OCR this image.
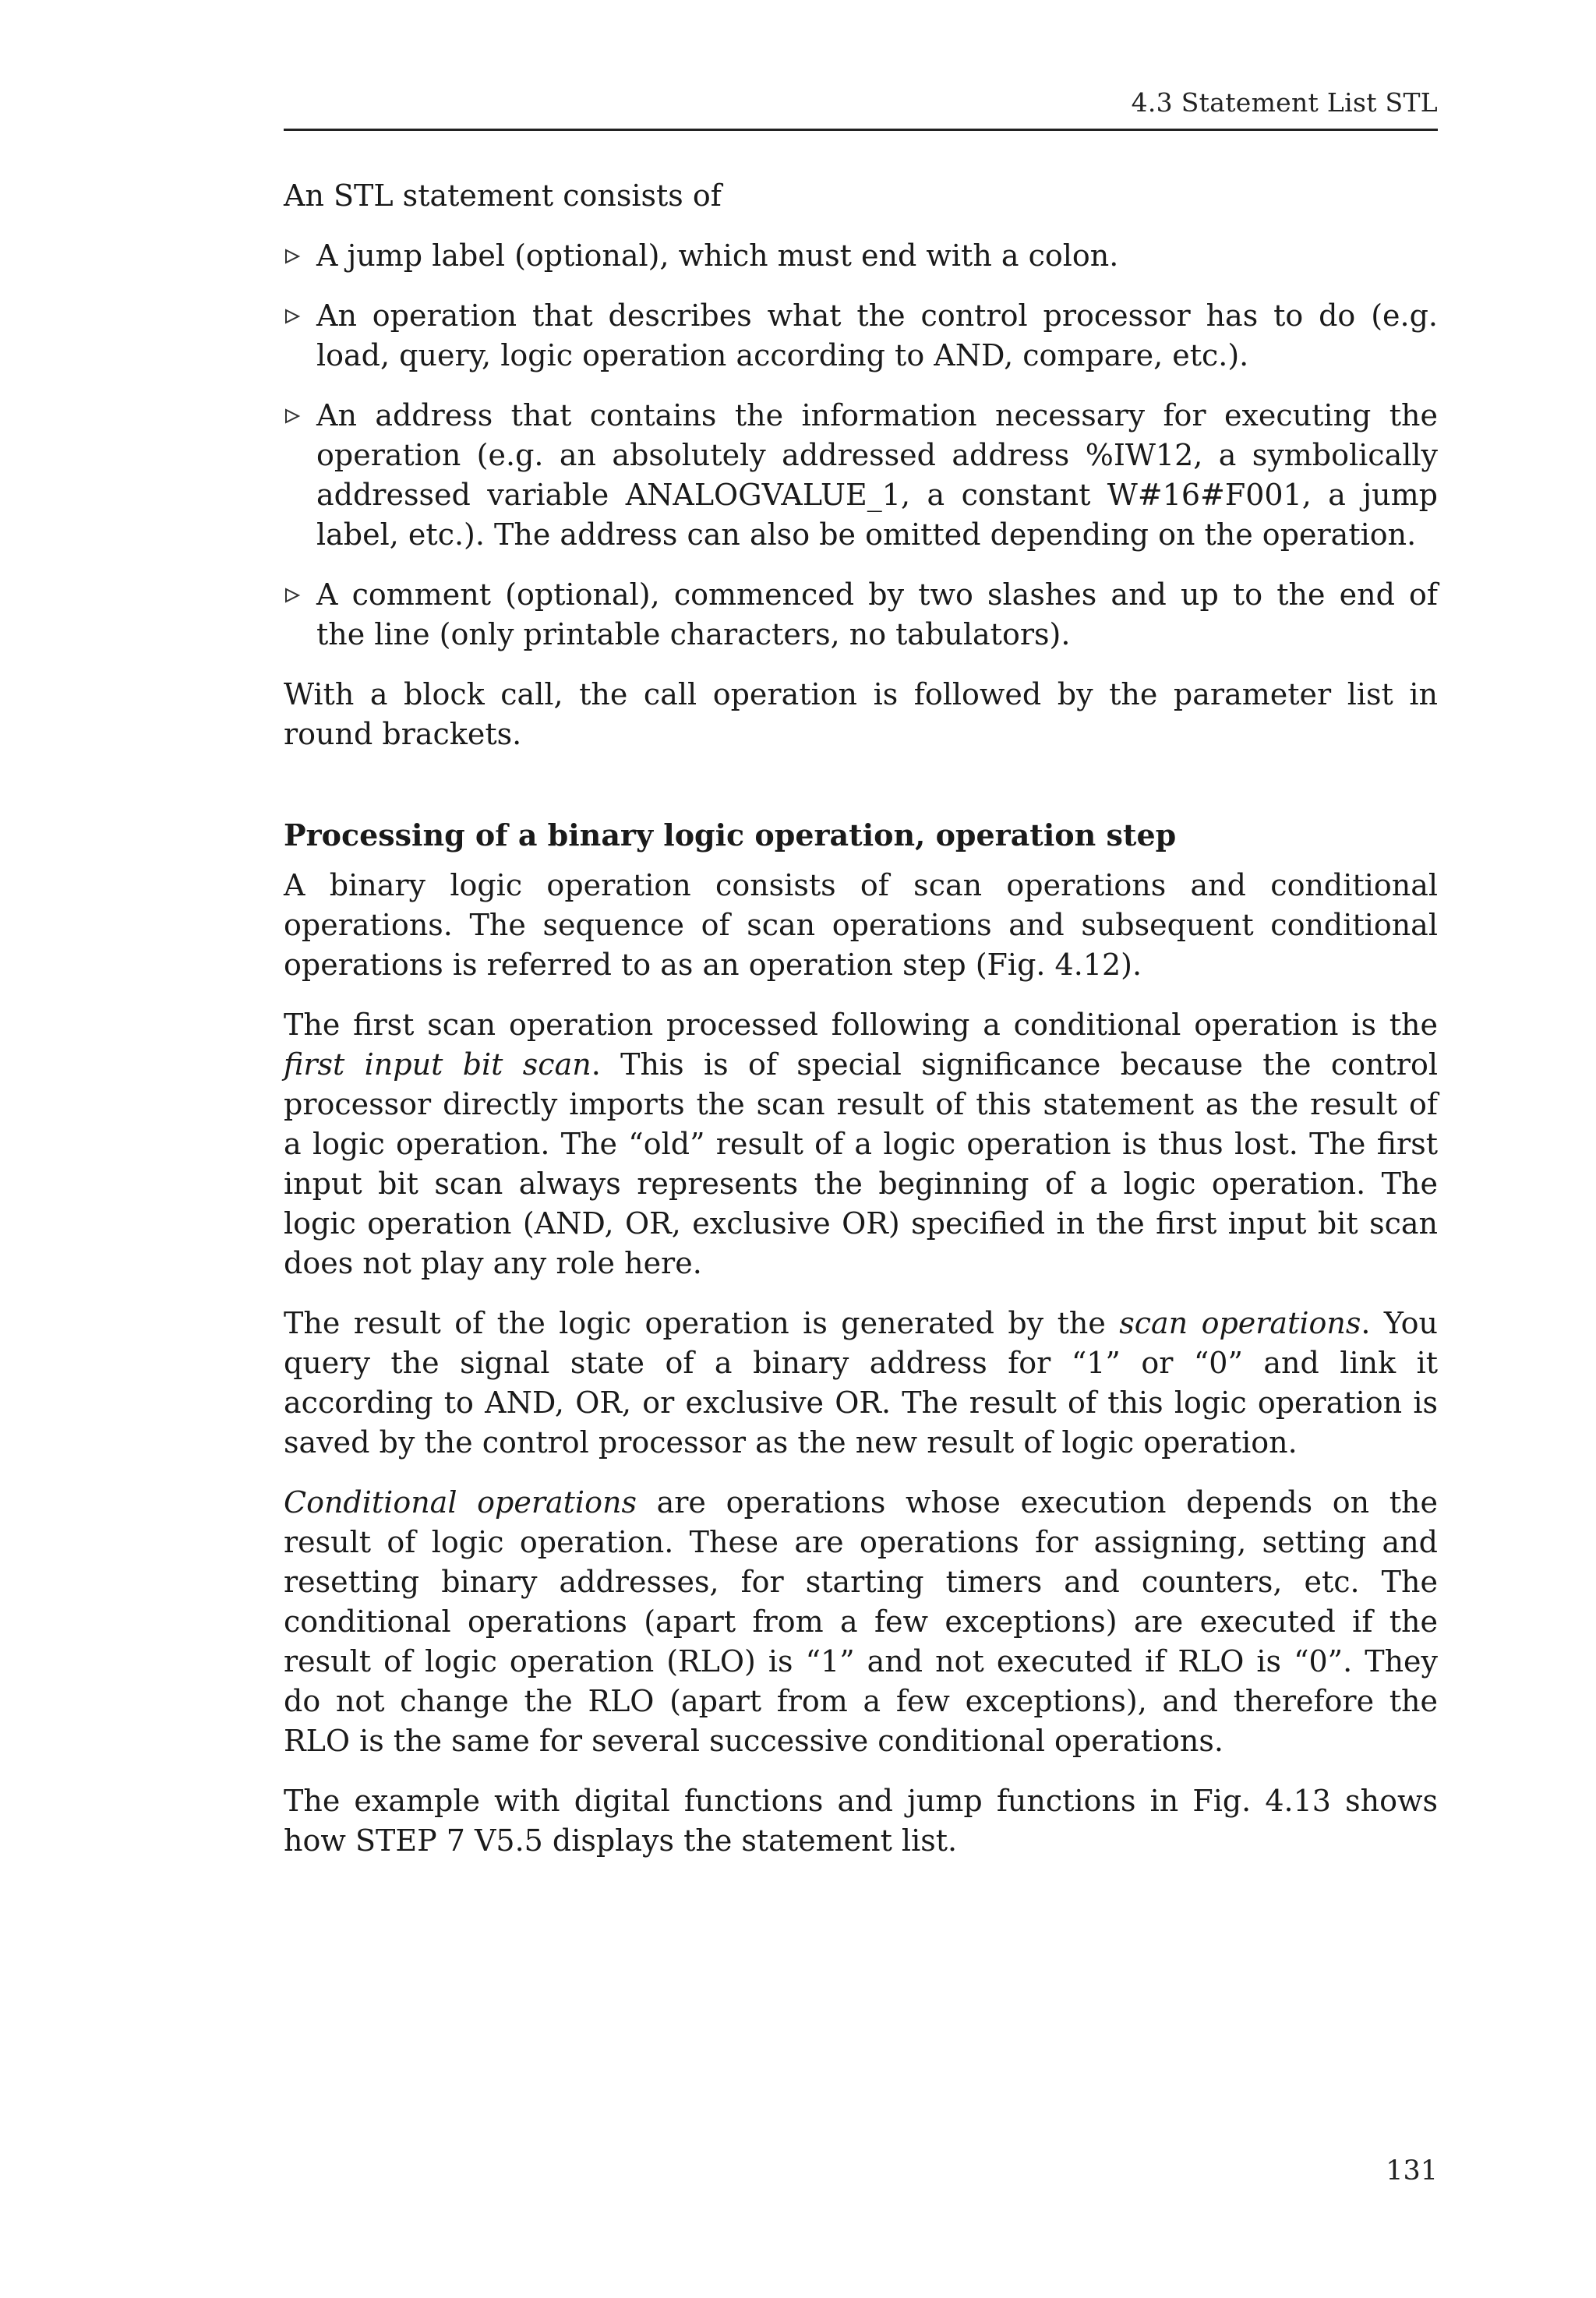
4.3 Statement List STL

An STL statement consists of

A jump label (optional), which must end with a colon.
An operation that describes what the control processor has to do (e.g. load, query, logic operation according to AND, compare, etc.).
An address that contains the information necessary for executing the operation (e.g. an absolutely addressed address %IW12, a symbolically addressed variable ANALOGVALUE_1, a constant W#16#F001, a jump label, etc.). The address can also be omitted depending on the operation.
A comment (optional), commenced by two slashes and up to the end of the line (only printable characters, no tabulators).

With a block call, the call operation is followed by the parameter list in round brackets.

Processing of a binary logic operation, operation step

A binary logic operation consists of scan operations and conditional operations. The sequence of scan operations and subsequent conditional operations is referred to as an operation step (Fig. 4.12).

The first scan operation processed following a conditional operation is the first input bit scan. This is of special significance because the control processor directly imports the scan result of this statement as the result of a logic operation. The “old” result of a logic operation is thus lost. The first input bit scan always represents the beginning of a logic operation. The logic operation (AND, OR, exclusive OR) specified in the first input bit scan does not play any role here.

The result of the logic operation is generated by the scan operations. You query the signal state of a binary address for “1” or “0” and link it according to AND, OR, or exclusive OR. The result of this logic operation is saved by the control processor as the new result of logic operation.

Conditional operations are operations whose execution depends on the result of logic operation. These are operations for assigning, setting and resetting binary addresses, for starting timers and counters, etc. The conditional operations (apart from a few exceptions) are executed if the result of logic operation (RLO) is “1” and not executed if RLO is “0”. They do not change the RLO (apart from a few exceptions), and therefore the RLO is the same for several successive conditional operations.

The example with digital functions and jump functions in Fig. 4.13 shows how STEP 7 V5.5 displays the statement list.

131
